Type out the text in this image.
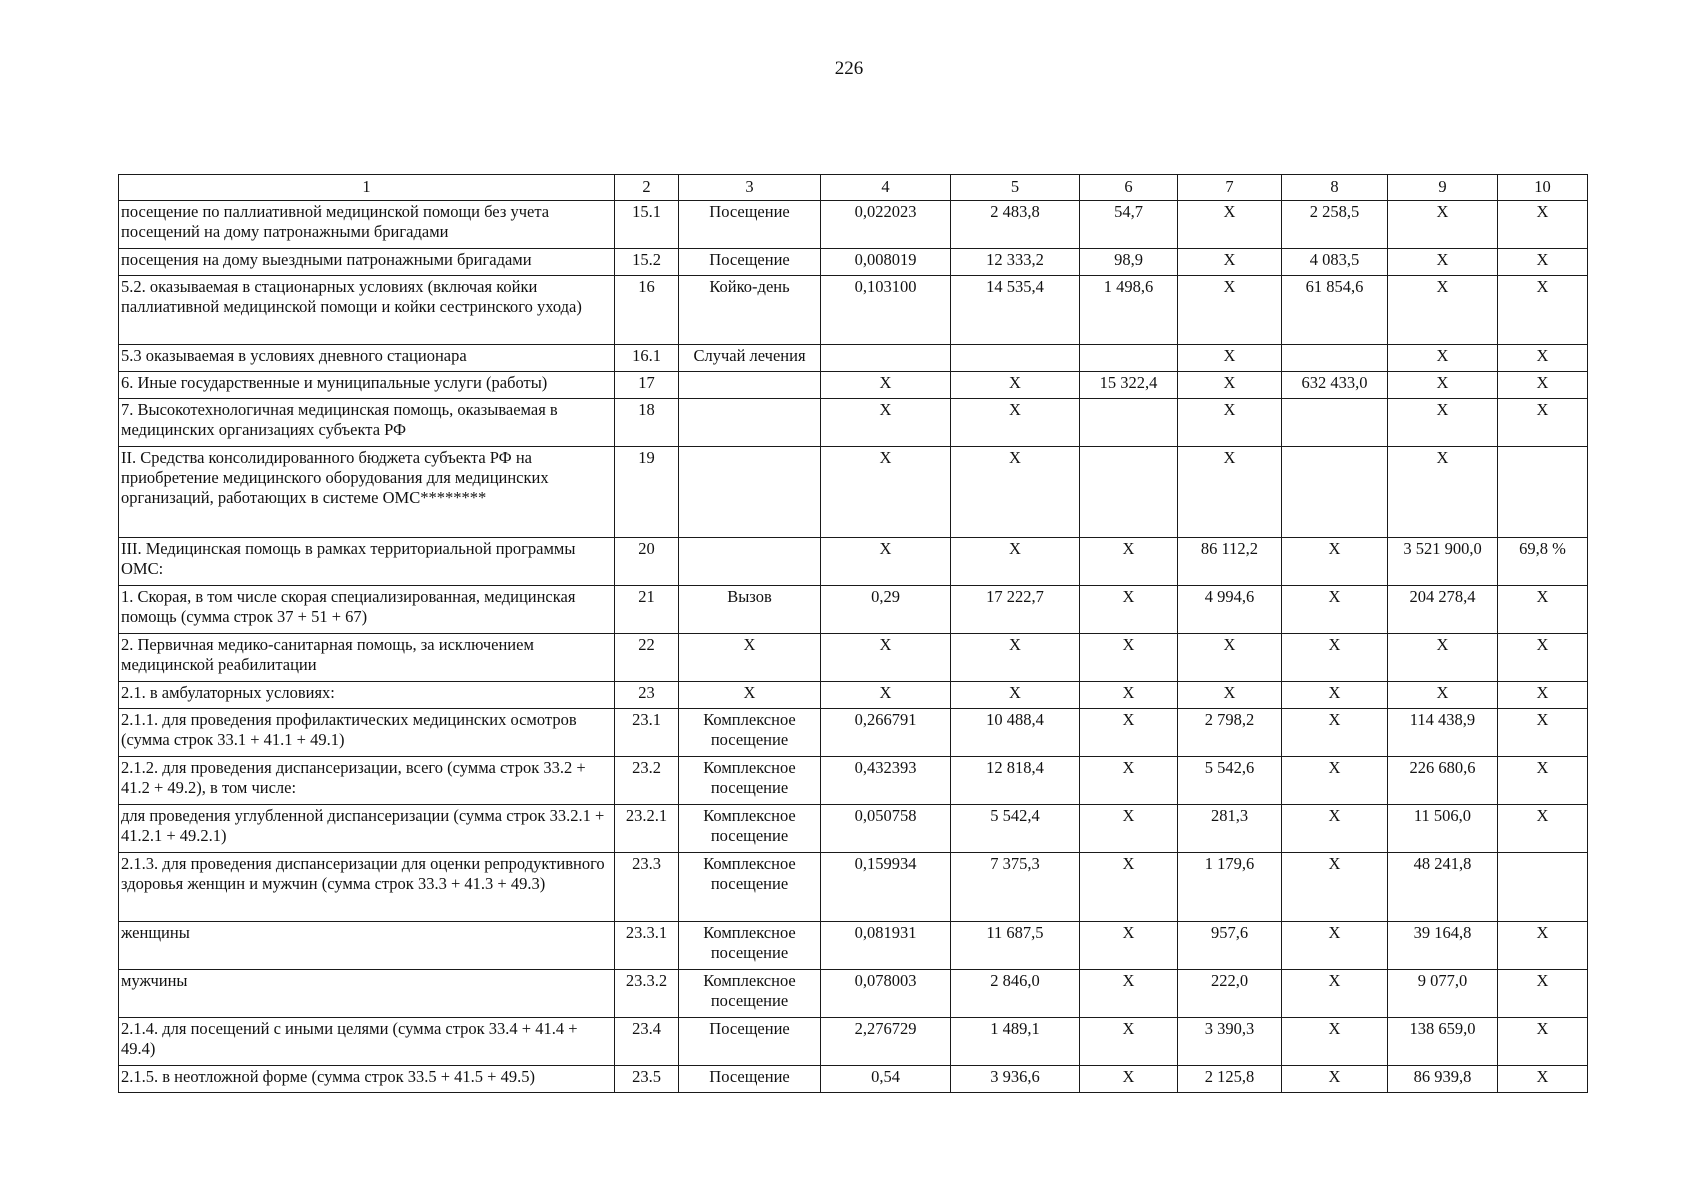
226
1	2	3	4	5	6	7	8	9	10
посещение по паллиативной медицинской помощи без учета посещений на дому патронажными бригадами	15.1	Посещение	0,022023	2 483,8	54,7	X	2 258,5	X	X
посещения на дому выездными патронажными бригадами	15.2	Посещение	0,008019	12 333,2	98,9	X	4 083,5	X	X
5.2. оказываемая в стационарных условиях (включая койки паллиативной медицинской помощи и койки сестринского ухода)	16	Койко-день	0,103100	14 535,4	1 498,6	X	61 854,6	X	X
5.3 оказываемая в условиях дневного стационара	16.1	Случай лечения				X		X	X
6. Иные государственные и муниципальные услуги (работы)	17		X	X	15 322,4	X	632 433,0	X	X
7. Высокотехнологичная медицинская помощь, оказываемая в медицинских организациях субъекта РФ	18		X	X		X		X	X
II. Средства консолидированного бюджета субъекта РФ на приобретение медицинского оборудования для медицинских организаций, работающих в системе ОМС********	19		X	X		X		X	
III. Медицинская помощь в рамках территориальной программы ОМС:	20		X	X	X	86 112,2	X	3 521 900,0	69,8 %
1. Скорая, в том числе скорая специализированная, медицинская помощь (сумма строк 37 + 51 + 67)	21	Вызов	0,29	17 222,7	X	4 994,6	X	204 278,4	X
2. Первичная медико-санитарная помощь, за исключением медицинской реабилитации	22	X	X	X	X	X	X	X	X
2.1. в амбулаторных условиях:	23	X	X	X	X	X	X	X	X
2.1.1. для проведения профилактических медицинских осмотров (сумма строк 33.1 + 41.1 + 49.1)	23.1	Комплексное посещение	0,266791	10 488,4	X	2 798,2	X	114 438,9	X
2.1.2. для проведения диспансеризации, всего (сумма строк 33.2 + 41.2 + 49.2), в том числе:	23.2	Комплексное посещение	0,432393	12 818,4	X	5 542,6	X	226 680,6	X
для проведения углубленной диспансеризации (сумма строк 33.2.1 + 41.2.1 + 49.2.1)	23.2.1	Комплексное посещение	0,050758	5 542,4	X	281,3	X	11 506,0	X
2.1.3. для проведения диспансеризации для оценки репродуктивного здоровья женщин и мужчин (сумма строк 33.3 + 41.3 + 49.3)	23.3	Комплексное посещение	0,159934	7 375,3	X	1 179,6	X	48 241,8	
женщины	23.3.1	Комплексное посещение	0,081931	11 687,5	X	957,6	X	39 164,8	X
мужчины	23.3.2	Комплексное посещение	0,078003	2 846,0	X	222,0	X	9 077,0	X
2.1.4. для посещений с иными целями (сумма строк 33.4 + 41.4 + 49.4)	23.4	Посещение	2,276729	1 489,1	X	3 390,3	X	138 659,0	X
2.1.5. в неотложной форме (сумма строк 33.5 + 41.5 + 49.5)	23.5	Посещение	0,54	3 936,6	X	2 125,8	X	86 939,8	X
